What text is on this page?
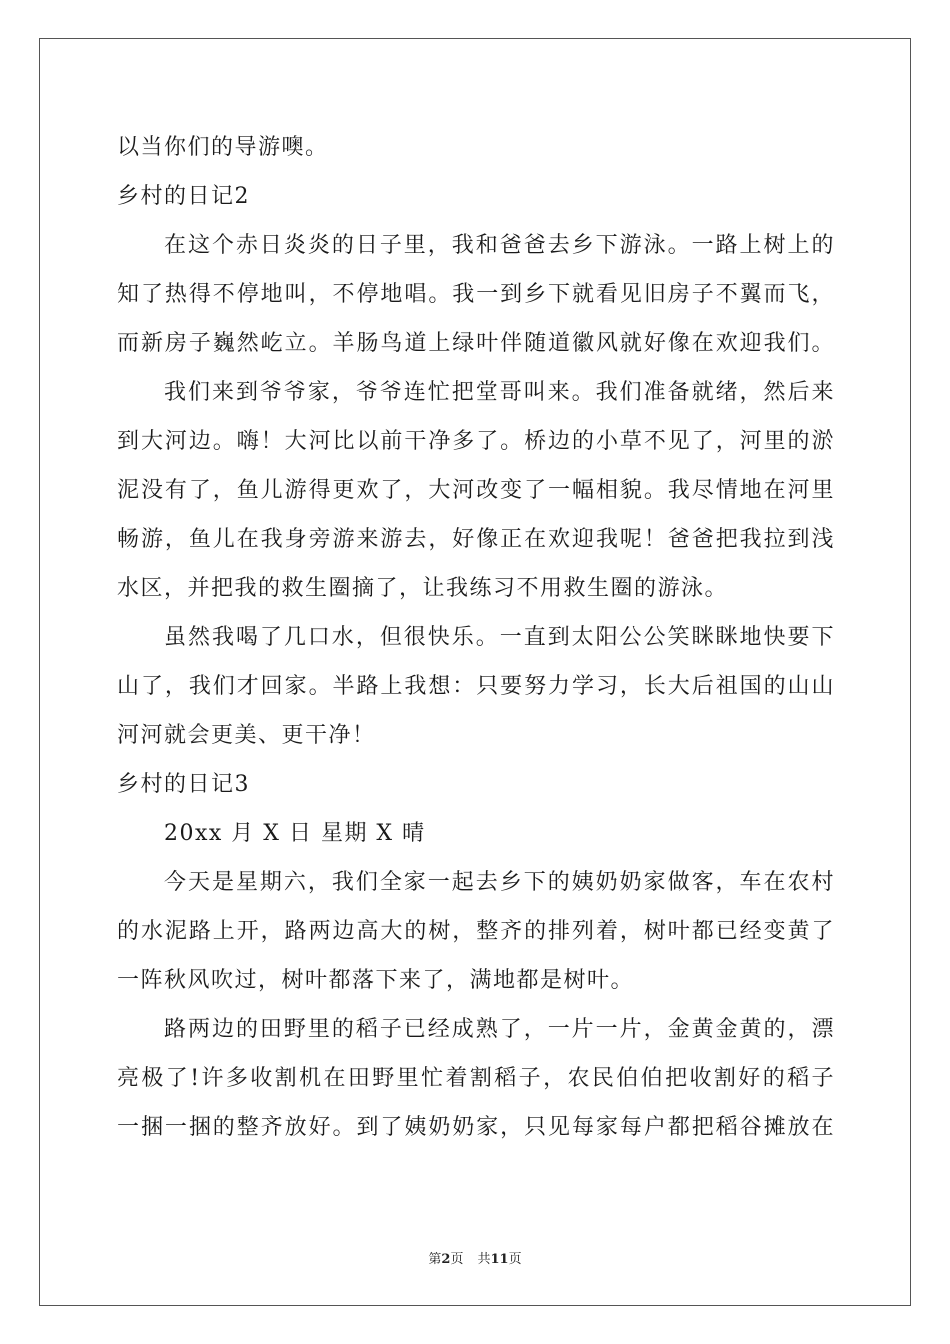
以当你们的导游噢。
乡村的日记2
在这个赤日炎炎的日子里，我和爸爸去乡下游泳。一路上树上的
知了热得不停地叫，不停地唱。我一到乡下就看见旧房子不翼而飞，
而新房子巍然屹立。羊肠鸟道上绿叶伴随道徽风就好像在欢迎我们。
我们来到爷爷家，爷爷连忙把堂哥叫来。我们准备就绪，然后来
到大河边。嗨！大河比以前干净多了。桥边的小草不见了，河里的淤
泥没有了，鱼儿游得更欢了，大河改变了一幅相貌。我尽情地在河里
畅游，鱼儿在我身旁游来游去，好像正在欢迎我呢！爸爸把我拉到浅
水区，并把我的救生圈摘了，让我练习不用救生圈的游泳。
虽然我喝了几口水，但很快乐。一直到太阳公公笑眯眯地快要下
山了，我们才回家。半路上我想：只要努力学习，长大后祖国的山山
河河就会更美、更干净！
乡村的日记3
20xx 月 X 日 星期 X 晴
今天是星期六，我们全家一起去乡下的姨奶奶家做客，车在农村
的水泥路上开，路两边高大的树，整齐的排列着，树叶都已经变黄了
一阵秋风吹过，树叶都落下来了，满地都是树叶。
路两边的田野里的稻子已经成熟了，一片一片，金黄金黄的，漂
亮极了!许多收割机在田野里忙着割稻子，农民伯伯把收割好的稻子
一捆一捆的整齐放好。到了姨奶奶家，只见每家每户都把稻谷摊放在
第2页 共11页
